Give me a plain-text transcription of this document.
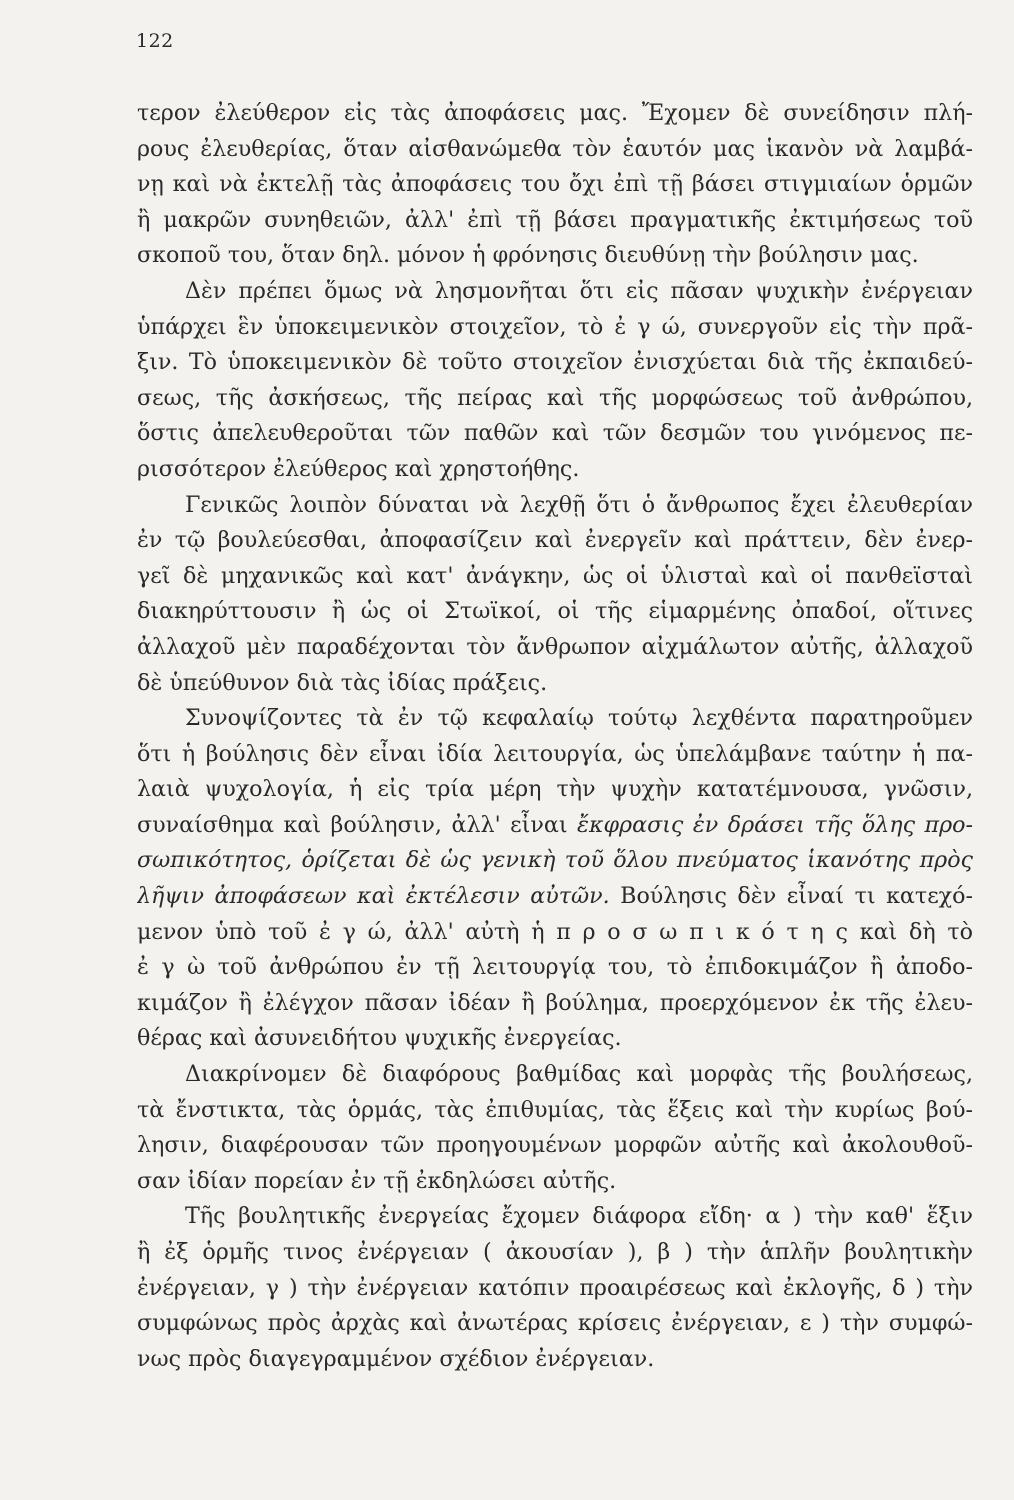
122
τερον ἐλεύθερον εἰς τὰς ἀποφάσεις μας. Ἔχομεν δὲ συνείδησιν πλή-
ρους ἐλευθερίας, ὅταν αἰσθανώμεθα τὸν ἑαυτόν μας ἱκανὸν νὰ λαμβά-
νῃ καὶ νὰ ἐκτελῇ τὰς ἀποφάσεις του ὄχι ἐπὶ τῇ βάσει στιγμιαίων ὁρμῶν
ἢ μακρῶν συνηθειῶν, ἀλλ' ἐπὶ τῇ βάσει πραγματικῆς ἐκτιμήσεως τοῦ
σκοποῦ του, ὅταν δηλ. μόνον ἡ φρόνησις διευθύνῃ τὴν βούλησιν μας.
Δὲν πρέπει ὅμως νὰ λησμονῆται ὅτι εἰς πᾶσαν ψυχικὴν ἐνέργειαν
ὑπάρχει ἓν ὑποκειμενικὸν στοιχεῖον, τὸ ἐ γ ώ, συνεργοῦν εἰς τὴν πρᾶ-
ξιν. Τὸ ὑποκειμενικὸν δὲ τοῦτο στοιχεῖον ἐνισχύεται διὰ τῆς ἐκπαιδεύ-
σεως, τῆς ἀσκήσεως, τῆς πείρας καὶ τῆς μορφώσεως τοῦ ἀνθρώπου,
ὅστις ἀπελευθεροῦται τῶν παθῶν καὶ τῶν δεσμῶν του γινόμενος πε-
ρισσότερον ἐλεύθερος καὶ χρηστοήθης.
Γενικῶς λοιπὸν δύναται νὰ λεχθῇ ὅτι ὁ ἄνθρωπος ἔχει ἐλευθερίαν
ἐν τῷ βουλεύεσθαι, ἀποφασίζειν καὶ ἐνεργεῖν καὶ πράττειν, δὲν ἐνερ-
γεῖ δὲ μηχανικῶς καὶ κατ' ἀνάγκην, ὡς οἱ ὑλισταὶ καὶ οἱ πανθεϊσταὶ
διακηρύττουσιν ἢ ὡς οἱ Στωϊκοί, οἱ τῆς εἱμαρμένης ὀπαδοί, οἵτινες
ἀλλαχοῦ μὲν παραδέχονται τὸν ἄνθρωπον αἰχμάλωτον αὐτῆς, ἀλλαχοῦ
δὲ ὑπεύθυνον διὰ τὰς ἰδίας πράξεις.
Συνοψίζοντες τὰ ἐν τῷ κεφαλαίῳ τούτῳ λεχθέντα παρατηροῦμεν
ὅτι ἡ βούλησις δὲν εἶναι ἰδία λειτουργία, ὡς ὑπελάμβανε ταύτην ἡ πα-
λαιὰ ψυχολογία, ἡ εἰς τρία μέρη τὴν ψυχὴν κατατέμνουσα, γνῶσιν,
συναίσθημα καὶ βούλησιν, ἀλλ' εἶναι ἔκφρασις ἐν δράσει τῆς ὅλης προ-
σωπικότητος, ὁρίζεται δὲ ὡς γενικὴ τοῦ ὅλου πνεύματος ἱκανότης πρὸς
λῆψιν ἀποφάσεων καὶ ἐκτέλεσιν αὐτῶν. Βούλησις δὲν εἶναί τι κατεχό-
μενον ὑπὸ τοῦ ἐ γ ώ, ἀλλ' αὐτὴ ἡ π ρ ο σ ω π ι κ ό τ η ς καὶ δὴ τὸ
ἐ γ ὼ τοῦ ἀνθρώπου ἐν τῇ λειτουργίᾳ του, τὸ ἐπιδοκιμάζον ἢ ἀποδο-
κιμάζον ἢ ἐλέγχον πᾶσαν ἰδέαν ἢ βούλημα, προερχόμενον ἐκ τῆς ἐλευ-
θέρας καὶ ἀσυνειδήτου ψυχικῆς ἐνεργείας.
Διακρίνομεν δὲ διαφόρους βαθμίδας καὶ μορφὰς τῆς βουλήσεως,
τὰ ἔνστικτα, τὰς ὁρμάς, τὰς ἐπιθυμίας, τὰς ἕξεις καὶ τὴν κυρίως βού-
λησιν, διαφέρουσαν τῶν προηγουμένων μορφῶν αὐτῆς καὶ ἀκολουθοῦ-
σαν ἰδίαν πορείαν ἐν τῇ ἐκδηλώσει αὐτῆς.
Τῆς βουλητικῆς ἐνεργείας ἔχομεν διάφορα εἴδη· α ) τὴν καθ' ἕξιν
ἢ ἐξ ὁρμῆς τινος ἐνέργειαν ( ἀκουσίαν ), β ) τὴν ἁπλῆν βουλητικὴν
ἐνέργειαν, γ ) τὴν ἐνέργειαν κατόπιν προαιρέσεως καὶ ἐκλογῆς, δ ) τὴν
συμφώνως πρὸς ἀρχὰς καὶ ἀνωτέρας κρίσεις ἐνέργειαν, ε ) τὴν συμφώ-
νως πρὸς διαγεγραμμένον σχέδιον ἐνέργειαν.
